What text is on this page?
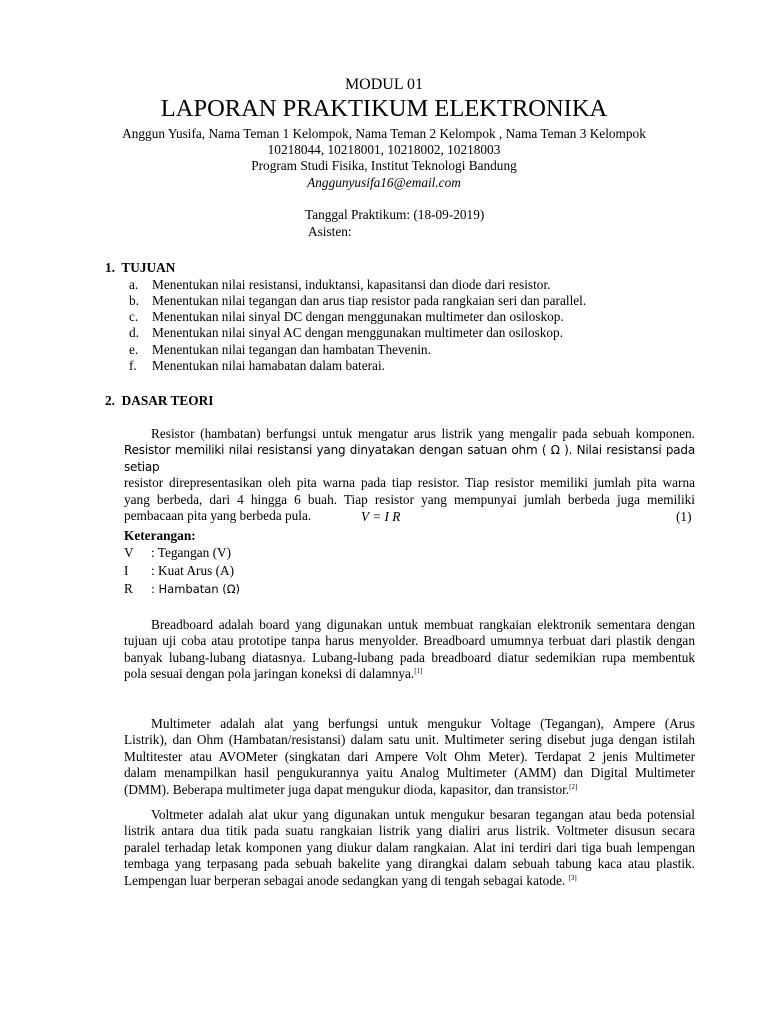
MODUL 01
LAPORAN PRAKTIKUM ELEKTRONIKA
Anggun Yusifa, Nama Teman 1 Kelompok, Nama Teman 2 Kelompok , Nama Teman 3 Kelompok
10218044, 10218001, 10218002, 10218003
Program Studi Fisika, Institut Teknologi Bandung
Anggunyusifa16@email.com
Tanggal Praktikum: (18-09-2019)
Asisten:
1.  TUJUAN
a. Menentukan nilai resistansi, induktansi, kapasitansi dan diode dari resistor.
b. Menentukan nilai tegangan dan arus tiap resistor pada rangkaian seri dan parallel.
c. Menentukan nilai sinyal DC dengan menggunakan multimeter dan osiloskop.
d. Menentukan nilai sinyal AC dengan menggunakan multimeter dan osiloskop.
e. Menentukan nilai tegangan dan hambatan Thevenin.
f. Menentukan nilai hamabatan dalam baterai.
2.  DASAR TEORI
Resistor (hambatan) berfungsi untuk mengatur arus listrik yang mengalir pada sebuah komponen.
Resistor memiliki nilai resistansi yang dinyatakan dengan satuan ohm ( Ω ). Nilai resistansi pada setiap
resistor direpresentasikan oleh pita warna pada tiap resistor. Tiap resistor memiliki jumlah pita warna
yang berbeda, dari 4 hingga 6 buah. Tiap resistor yang mempunyai jumlah berbeda juga memiliki
pembacaan pita yang berbeda pula.	V = I R	(1)
Keterangan:
V : Tegangan (V)
I : Kuat Arus (A)
R : Hambatan (Ω)
Breadboard adalah board yang digunakan untuk membuat rangkaian elektronik sementara dengan
tujuan uji coba atau prototipe tanpa harus menyolder. Breadboard umumnya terbuat dari plastik dengan
banyak lubang-lubang diatasnya. Lubang-lubang pada breadboard diatur sedemikian rupa membentuk
pola sesuai dengan pola jaringan koneksi di dalamnya.[1]
Multimeter adalah alat yang berfungsi untuk mengukur Voltage (Tegangan), Ampere (Arus
Listrik), dan Ohm (Hambatan/resistansi) dalam satu unit. Multimeter sering disebut juga dengan istilah
Multitester atau AVOMeter (singkatan dari Ampere Volt Ohm Meter). Terdapat 2 jenis Multimeter
dalam menampilkan hasil pengukurannya yaitu Analog Multimeter (AMM) dan Digital Multimeter
(DMM). Beberapa multimeter juga dapat mengukur dioda, kapasitor, dan transistor.[2]
Voltmeter adalah alat ukur yang digunakan untuk mengukur besaran tegangan atau beda potensial
listrik antara dua titik pada suatu rangkaian listrik yang dialiri arus listrik. Voltmeter disusun secara
paralel terhadap letak komponen yang diukur dalam rangkaian. Alat ini terdiri dari tiga buah lempengan
tembaga yang terpasang pada sebuah bakelite yang dirangkai dalam sebuah tabung kaca atau plastik.
Lempengan luar berperan sebagai anode sedangkan yang di tengah sebagai katode. [3]
